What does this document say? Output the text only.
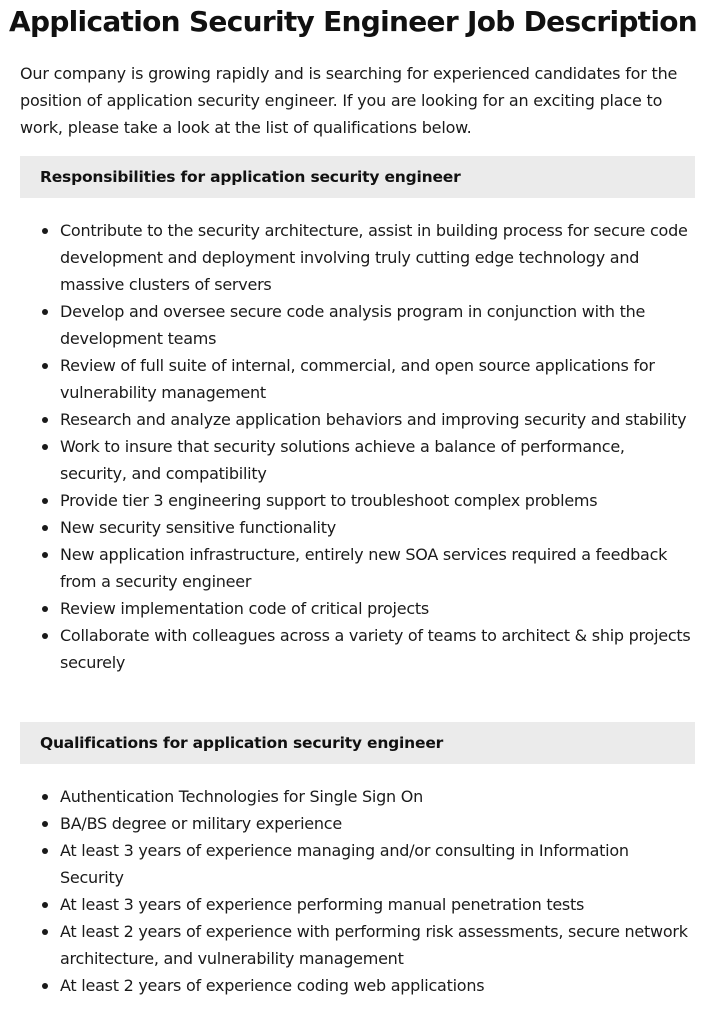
Application Security Engineer Job Description

Our company is growing rapidly and is searching for experienced candidates for the position of application security engineer. If you are looking for an exciting place to work, please take a look at the list of qualifications below.

Responsibilities for application security engineer
Contribute to the security architecture, assist in building process for secure code development and deployment involving truly cutting edge technology and massive clusters of servers
Develop and oversee secure code analysis program in conjunction with the development teams
Review of full suite of internal, commercial, and open source applications for vulnerability management
Research and analyze application behaviors and improving security and stability
Work to insure that security solutions achieve a balance of performance, security, and compatibility
Provide tier 3 engineering support to troubleshoot complex problems
New security sensitive functionality
New application infrastructure, entirely new SOA services required a feedback from a security engineer
Review implementation code of critical projects
Collaborate with colleagues across a variety of teams to architect & ship projects securely
Qualifications for application security engineer
Authentication Technologies for Single Sign On
BA/BS degree or military experience
At least 3 years of experience managing and/or consulting in Information Security
At least 3 years of experience performing manual penetration tests
At least 2 years of experience with performing risk assessments, secure network architecture, and vulnerability management
At least 2 years of experience coding web applications
